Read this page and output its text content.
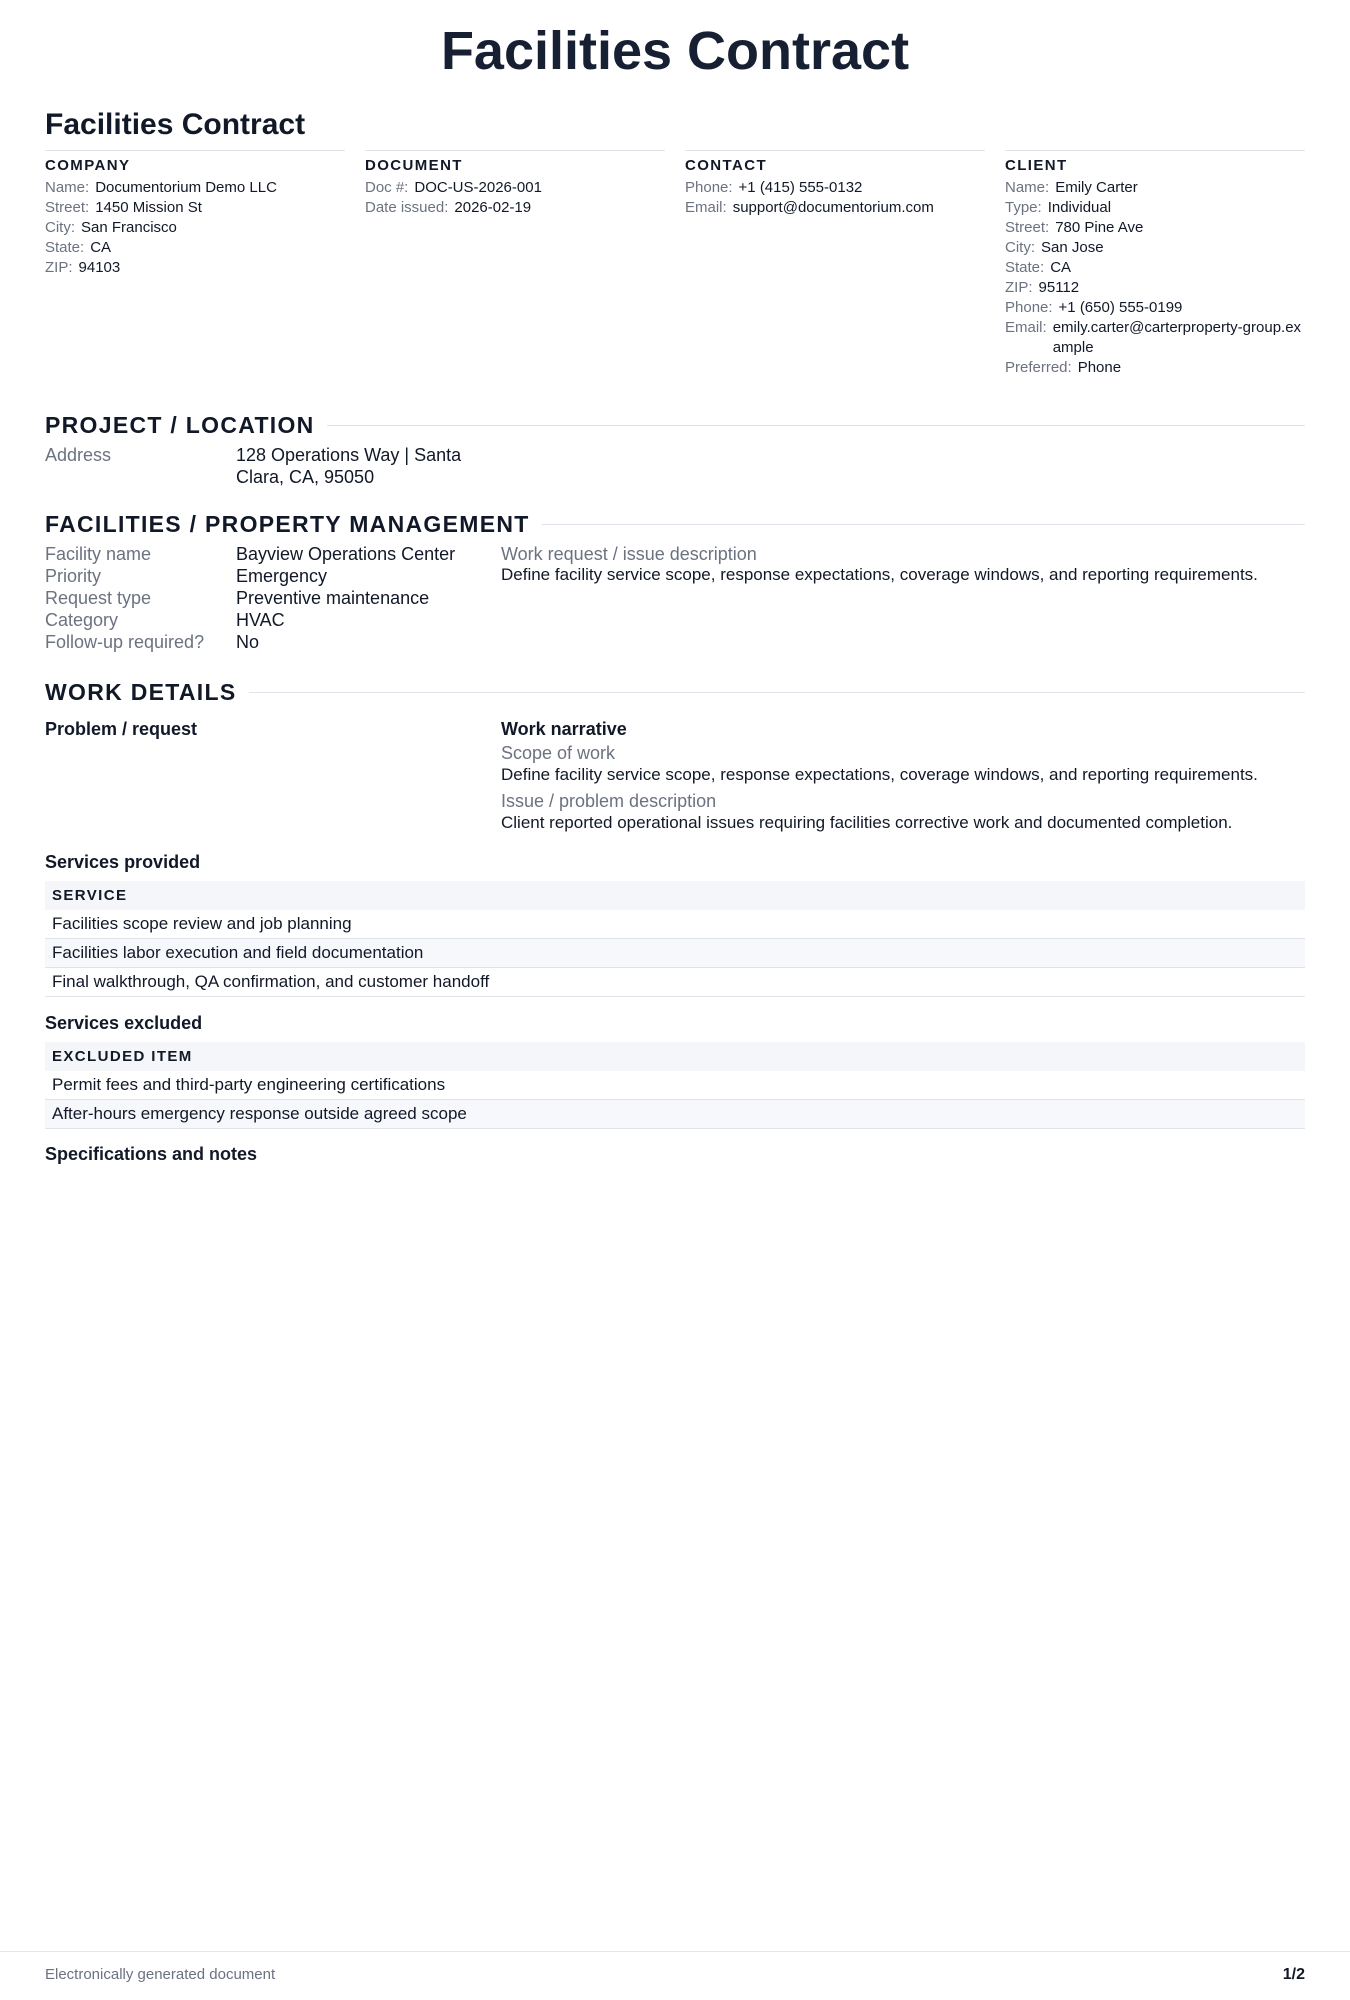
Facilities Contract
Facilities Contract
COMPANY
Name: Documentorium Demo LLC
Street: 1450 Mission St
City: San Francisco
State: CA
ZIP: 94103
DOCUMENT
Doc #: DOC-US-2026-001
Date issued: 2026-02-19
CONTACT
Phone: +1 (415) 555-0132
Email: support@documentorium.com
CLIENT
Name: Emily Carter
Type: Individual
Street: 780 Pine Ave
City: San Jose
State: CA
ZIP: 95112
Phone: +1 (650) 555-0199
Email: emily.carter@carterproperty-group.example
Preferred: Phone
PROJECT / LOCATION
Address	128 Operations Way | Santa
Clara, CA, 95050
FACILITIES / PROPERTY MANAGEMENT
Facility name	Bayview Operations Center
Priority	Emergency
Request type	Preventive maintenance
Category	HVAC
Follow-up required?	No
Work request / issue description
Define facility service scope, response expectations, coverage windows, and reporting requirements.
WORK DETAILS
Problem / request	Work narrative
Scope of work
Define facility service scope, response expectations, coverage windows, and reporting requirements.
Issue / problem description
Client reported operational issues requiring facilities corrective work and documented completion.
Services provided
SERVICE
Facilities scope review and job planning
Facilities labor execution and field documentation
Final walkthrough, QA confirmation, and customer handoff
Services excluded
EXCLUDED ITEM
Permit fees and third-party engineering certifications
After-hours emergency response outside agreed scope
Specifications and notes
Electronically generated document	1/2
